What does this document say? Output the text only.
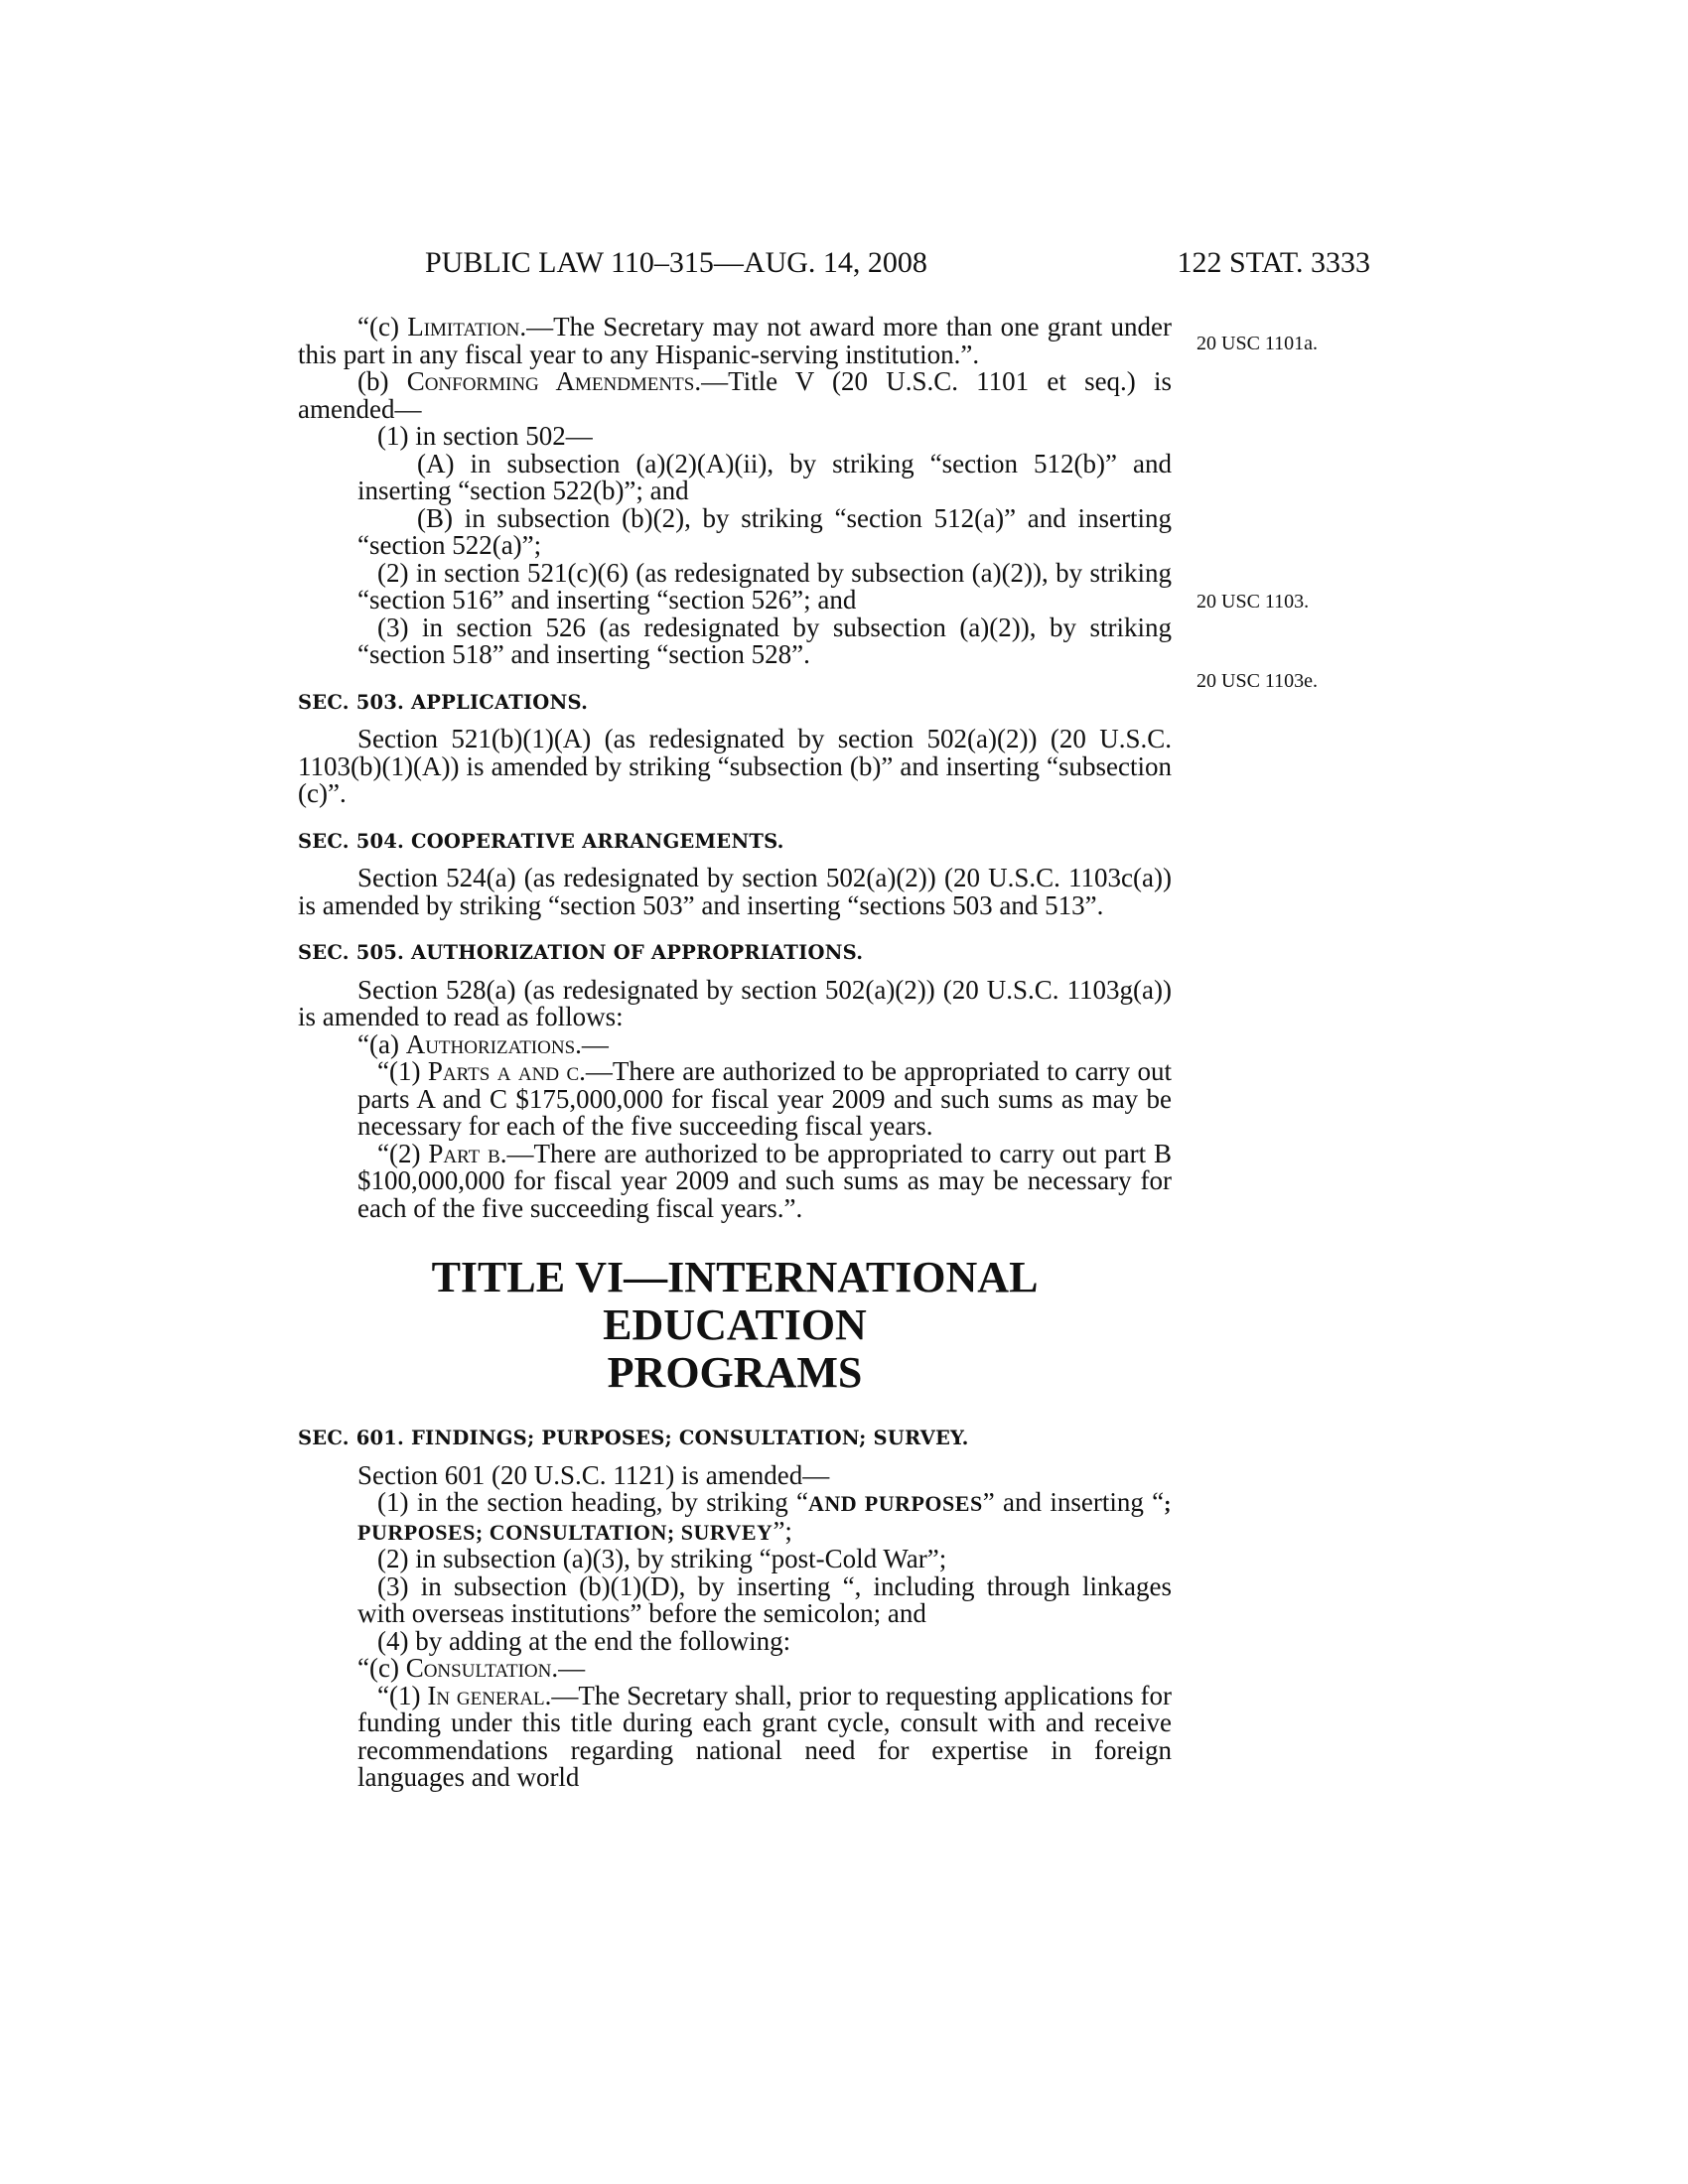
PUBLIC LAW 110–315—AUG. 14, 2008	122 STAT. 3333
20 USC 1101a.
20 USC 1103.
20 USC 1103e.

“(c) Limitation.—The Secretary may not award more than one grant under this part in any fiscal year to any Hispanic-serving institution.”.

(b) Conforming Amendments.—Title V (20 U.S.C. 1101 et seq.) is amended—

(1) in section 502—

(A) in subsection (a)(2)(A)(ii), by striking “section 512(b)” and inserting “section 522(b)”; and

(B) in subsection (b)(2), by striking “section 512(a)” and inserting “section 522(a)”;

(2) in section 521(c)(6) (as redesignated by subsection (a)(2)), by striking “section 516” and inserting “section 526”; and

(3) in section 526 (as redesignated by subsection (a)(2)), by striking “section 518” and inserting “section 528”.

SEC. 503. APPLICATIONS.

Section 521(b)(1)(A) (as redesignated by section 502(a)(2)) (20 U.S.C. 1103(b)(1)(A)) is amended by striking “subsection (b)” and inserting “subsection (c)”.

SEC. 504. COOPERATIVE ARRANGEMENTS.

Section 524(a) (as redesignated by section 502(a)(2)) (20 U.S.C. 1103c(a)) is amended by striking “section 503” and inserting “sections 503 and 513”.

SEC. 505. AUTHORIZATION OF APPROPRIATIONS.

Section 528(a) (as redesignated by section 502(a)(2)) (20 U.S.C. 1103g(a)) is amended to read as follows:

“(a) Authorizations.—

“(1) Parts a and c.—There are authorized to be appropriated to carry out parts A and C $175,000,000 for fiscal year 2009 and such sums as may be necessary for each of the five succeeding fiscal years.

“(2) Part b.—There are authorized to be appropriated to carry out part B $100,000,000 for fiscal year 2009 and such sums as may be necessary for each of the five succeeding fiscal years.”.

TITLE VI—INTERNATIONAL EDUCATION
PROGRAMS
SEC. 601. FINDINGS; PURPOSES; CONSULTATION; SURVEY.

Section 601 (20 U.S.C. 1121) is amended—

(1) in the section heading, by striking “AND PURPOSES” and inserting “; PURPOSES; CONSULTATION; SURVEY”;

(2) in subsection (a)(3), by striking “post-Cold War”;

(3) in subsection (b)(1)(D), by inserting “, including through linkages with overseas institutions” before the semicolon; and

(4) by adding at the end the following:

“(c) Consultation.—

“(1) In general.—The Secretary shall, prior to requesting applications for funding under this title during each grant cycle, consult with and receive recommendations regarding national need for expertise in foreign languages and world
